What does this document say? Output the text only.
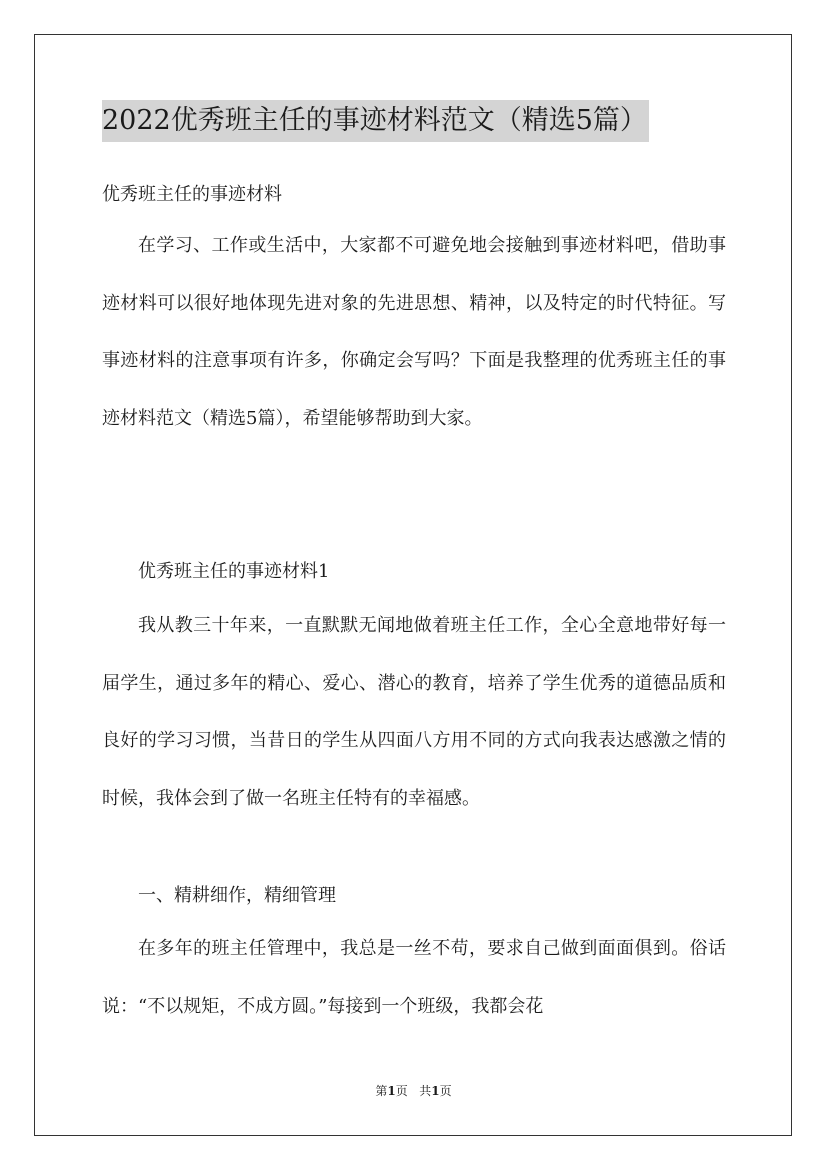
2022优秀班主任的事迹材料范文（精选5篇）
优秀班主任的事迹材料

在学习、工作或生活中，大家都不可避免地会接触到事迹材料吧，借助事迹材料可以很好地体现先进对象的先进思想、精神，以及特定的时代特征。写事迹材料的注意事项有许多，你确定会写吗？下面是我整理的优秀班主任的事迹材料范文（精选5篇），希望能够帮助到大家。

优秀班主任的事迹材料1

我从教三十年来，一直默默无闻地做着班主任工作，全心全意地带好每一届学生，通过多年的精心、爱心、潜心的教育，培养了学生优秀的道德品质和良好的学习习惯，当昔日的学生从四面八方用不同的方式向我表达感激之情的时候，我体会到了做一名班主任特有的幸福感。

一、精耕细作，精细管理

在多年的班主任管理中，我总是一丝不苟，要求自己做到面面俱到。俗话说：“不以规矩，不成方圆。”每接到一个班级，我都会花

第1页 共1页
